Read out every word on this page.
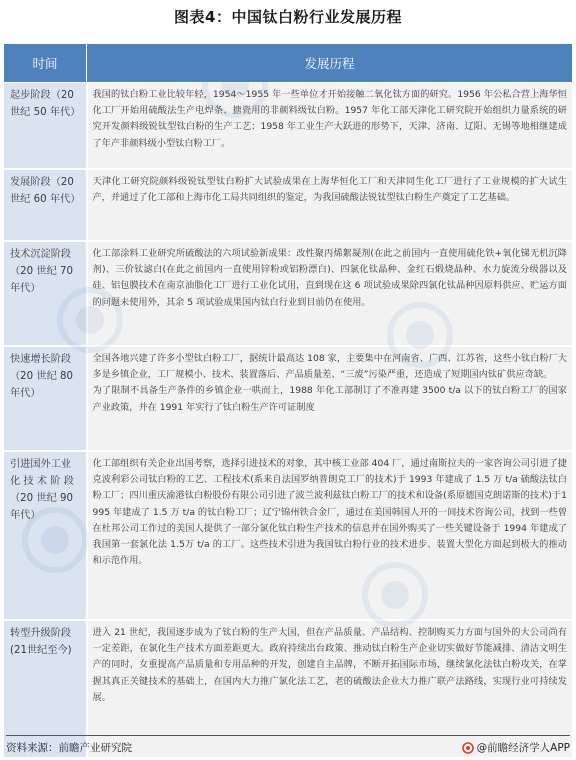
图表4：中国钛白粉行业发展历程
时间	发展历程
起步阶段（20世纪 50 年代）	我国的钛白粉工业比较年轻，1954～1955 年一些单位才开始接触二氧化钛方面的研究。1956 年公私合营上海华恒化工厂开始用硫酸法生产电焊条、搪瓷用的非颜料级钛白粉。1957 年化工部天津化工研究院开始组织力量系统的研究开发颜料级锐钛型钛白粉的生产工艺；1958 年工业生产大跃进的形势下，天津、济南、辽阳、无锡等地相继建成了年产非颜料级小型钛白粉工厂。

发展阶段（20世纪 60 年代）	天津化工研究院颜料级锐钛型钛白粉扩大试验成果在上海华恒化工厂和天津同生化工厂进行了工业规模的扩大试生产，并通过了化工部和上海市化工局共同组织的鉴定，为我国硫酸法锐钛型钛白粉生产奠定了工艺基础。

技术沉淀阶段（20 世纪 70年代）	化工部涂料工业研究所硫酸法的六项试验新成果：改性聚丙烯絮凝剂(在此之前国内一直使用硫化铁+氧化锑无机沉降剂)、三价钛滤白(在此之前国内一直使用锌粉或铝粉漂白)、四氯化钛晶种、金红石煅烧晶种、水力旋流分级器以及硅、铝包膜技术在南京油脂化工厂进行工业化试用，直到现在这 6 项试验成果除四氯化钛晶种因原料供应、贮运方面的问题未使用外，其余 5 项试验成果国内钛白行业到目前仍在使用。

快速增长阶段（20 世纪 80年代）	全国各地兴建了许多小型钛白粉工厂，据统计最高达 108 家，主要集中在河南省、广西、江苏省，这些小钛白粉厂大多是乡镇企业，工厂规模小、技术、装置落后、产品质量差、“三废”污染严重，还造成了短期国内钛矿供应奇缺。
为了限制不具备生产条件的乡镇企业一哄而上，1988 年化工部制订了不准再建 3500 t/a 以下的钛白粉工厂的国家产业政策，并在 1991 年实行了钛白粉生产许可证制度

引进国外工业化 技 术 阶 段（20 世纪 90年代）	化工部组织有关企业出国考察，选择引进技术的对象，其中核工业部 404 厂，通过南斯拉夫的一家咨询公司引进了捷克波利彩公司钛白粉的工艺、工程技术(系来自法国罗纳普朗克工厂的技术)于 1993 年建成了 1.5 万 t/a 硫酸法钛白粉工厂；四川重庆渝港钛白粉股份有限公司引进了波兰波利兹钛白粉工厂的技术和设备(系原德国克朗诺斯的技术)于1995 年建成了 1.5 万 t/a 的钛白粉工厂；辽宁锦州铁合金厂，通过在美国韩国人开的一间技术咨询公司，找到一些曾在杜邦公司工作过的美国人提供了一部分氯化钛白粉生产技术的信息并在国外购买了一些关键设备于 1994 年建成了我国第一套氯化法 1.5万 t/a 的工厂。这些技术引进为我国钛白粉行业的技术进步、装置大型化方面起到极大的推动和示范作用。

转型升级阶段(21世纪至今)	进入 21 世纪，我国逐步成为了钛白粉的生产大国，但在产品质量、产品结构、控制购买力方面与国外的大公司尚有一定差距，在氯化生产技术方面差距更大。政府持续出台政策、推动钛白粉生产企业切实做好节能减排、清洁文明生产的同时，女重提高产品质量和专用品种的开发，创建自主品牌，不断开拓国际市场，继续氯化法钛白粉攻关，在掌握其真正关键技术的基础上，在国内大力推广氯化法工艺，老的硫酸法企业大力推广联产法路线，实现行业可持续发展。
资料来源：前瞻产业研究院	@前瞻经济学人APP
